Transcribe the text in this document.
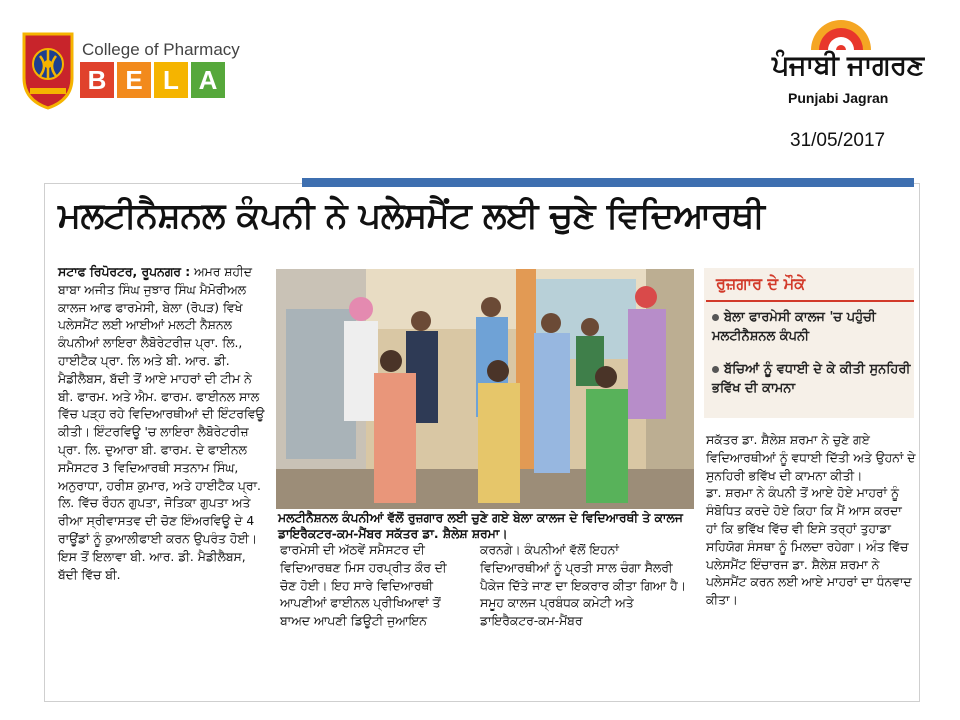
College of Pharmacy
B E L A	ਪੰਜਾਬੀ ਜਾਗਰਣ
Punjabi Jagran
31/05/2017
ਮਲਟੀਨੈਸ਼ਨਲ ਕੰਪਨੀ ਨੇ ਪਲੇਸਮੈਂਟ ਲਈ ਚੁਣੇ ਵਿਦਿਆਰਥੀ
ਸਟਾਫ ਰਿਪੋਰਟਰ, ਰੂਪਨਗਰ : ਅਮਰ ਸ਼ਹੀਦ ਬਾਬਾ ਅਜੀਤ ਸਿੰਘ ਜੁਝਾਰ ਸਿੰਘ ਮੈਮੋਰੀਅਲ ਕਾਲਜ ਆਫ ਫਾਰਮੇਸੀ, ਬੇਲਾ (ਰੋਪੜ) ਵਿਖੇ ਪਲੇਸਮੈਂਟ ਲਈ ਆਈਆਂ ਮਲਟੀ ਨੈਸ਼ਨਲ ਕੰਪਨੀਆਂ ਲਾਇਰਾ ਲੈਬੋਰੇਟਰੀਜ਼ ਪ੍ਰਾ. ਲਿ., ਹਾਈਟੈਕ ਪ੍ਰਾ. ਲਿ ਅਤੇ ਬੀ. ਆਰ. ਡੀ. ਮੈਡੀਲੈਬਸ, ਬੱਦੀ ਤੋਂ ਆਏ ਮਾਹਰਾਂ ਦੀ ਟੀਮ ਨੇ ਬੀ. ਫਾਰਮ. ਅਤੇ ਐਮ. ਫਾਰਮ. ਫਾਈਨਲ ਸਾਲ ਵਿੱਚ ਪੜ੍ਹ ਰਹੇ ਵਿਦਿਆਰਥੀਆਂ ਦੀ ਇੰਟਰਵਿਊ ਕੀਤੀ। ਇੰਟਰਵਿਊ 'ਚ ਲਾਇਰਾ ਲੈਬੋਰੇਟਰੀਜ਼ ਪ੍ਰਾ. ਲਿ. ਦੁਆਰਾ ਬੀ. ਫਾਰਮ. ਦੇ ਫਾਈਨਲ ਸਮੈਸਟਰ 3 ਵਿਦਿਆਰਥੀ ਸਤਨਾਮ ਸਿੰਘ, ਅਨੁਰਾਧਾ, ਹਰੀਸ਼ ਕੁਮਾਰ, ਅਤੇ ਹਾਈਟੈਕ ਪ੍ਰਾ. ਲਿ. ਵਿੱਚ ਰੌਹਨ ਗੁਪਤਾ, ਜੋਤਿਕਾ ਗੁਪਤਾ ਅਤੇ ਰੀਆ ਸ੍ਰੀਵਾਸਤਵ ਦੀ ਚੋਣ ਇੰਅਰਵਿਊ ਦੇ 4 ਰਾਊਂਡਾਂ ਨੂੰ ਕੁਆਲੀਫਾਈ ਕਰਨ ਉਪਰੰਤ ਹੋਈ। ਇਸ ਤੋਂ ਇਲਾਵਾ ਬੀ. ਆਰ. ਡੀ. ਮੈਡੀਲੈਬਸ, ਬੱਦੀ ਵਿੱਚ ਬੀ.
ਮਲਟੀਨੈਸ਼ਨਲ ਕੰਪਨੀਆਂ ਵੱਲੋਂ ਰੁਜ਼ਗਾਰ ਲਈ ਚੁਣੇ ਗਏ ਬੇਲਾ ਕਾਲਜ ਦੇ ਵਿਦਿਆਰਥੀ ਤੇ ਕਾਲਜ ਡਾਇਰੈਕਟਰ-ਕਮ-ਮੈਂਬਰ ਸਕੱਤਰ ਡਾ. ਸ਼ੈਲੇਸ਼ ਸ਼ਰਮਾ।
ਫਾਰਮੇਸੀ ਦੀ ਅੱਠਵੇਂ ਸਮੈਸਟਰ ਦੀ ਵਿਦਿਆਰਥਣ ਮਿਸ ਹਰਪ੍ਰੀਤ ਕੌਰ ਦੀ ਚੋਣ ਹੋਈ। ਇਹ ਸਾਰੇ ਵਿਦਿਆਰਥੀ ਆਪਣੀਆਂ ਫਾਈਨਲ ਪ੍ਰੀਖਿਆਵਾਂ ਤੋਂ ਬਾਅਦ ਆਪਣੀ ਡਿਊਟੀ ਜੁਆਇਨ
ਕਰਨਗੇ। ਕੰਪਨੀਆਂ ਵੱਲੋਂ ਇਹਨਾਂ ਵਿਦਿਆਰਥੀਆਂ ਨੂੰ ਪ੍ਰਤੀ ਸਾਲ ਚੰਗਾ ਸੈਲਰੀ ਪੈਕੇਜ ਦਿੱਤੇ ਜਾਣ ਦਾ ਇਕਰਾਰ ਕੀਤਾ ਗਿਆ ਹੈ। ਸਮੂਹ ਕਾਲਜ ਪ੍ਰਬੰਧਕ ਕਮੇਟੀ ਅਤੇ ਡਾਇਰੈਕਟਰ-ਕਮ-ਮੈਂਬਰ
ਰੁਜ਼ਗਾਰ ਦੇ ਮੌਕੇ
ਬੇਲਾ ਫਾਰਮੇਸੀ ਕਾਲਜ 'ਚ ਪਹੁੰਚੀ ਮਲਟੀਨੈਸ਼ਨਲ ਕੰਪਨੀ
ਬੱਚਿਆਂ ਨੂੰ ਵਧਾਈ ਦੇ ਕੇ ਕੀਤੀ ਸੁਨਹਿਰੀ ਭਵਿੱਖ ਦੀ ਕਾਮਨਾ
ਸਕੱਤਰ ਡਾ. ਸ਼ੈਲੇਸ਼ ਸ਼ਰਮਾ ਨੇ ਚੁਣੇ ਗਏ ਵਿਦਿਆਰਥੀਆਂ ਨੂੰ ਵਧਾਈ ਦਿੱਤੀ ਅਤੇ ਉਹਨਾਂ ਦੇ ਸੁਨਹਿਰੀ ਭਵਿੱਖ ਦੀ ਕਾਮਨਾ ਕੀਤੀ।
ਡਾ. ਸ਼ਰਮਾ ਨੇ ਕੰਪਨੀ ਤੋਂ ਆਏ ਹੋਏ ਮਾਹਰਾਂ ਨੂੰ ਸੰਬੋਧਿਤ ਕਰਦੇ ਹੋਏ ਕਿਹਾ ਕਿ ਮੈਂ ਆਸ ਕਰਦਾ ਹਾਂ ਕਿ ਭਵਿੱਖ ਵਿੱਚ ਵੀ ਇਸੇ ਤਰ੍ਹਾਂ ਤੁਹਾਡਾ ਸਹਿਯੋਗ ਸੰਸਥਾ ਨੂੰ ਮਿਲਦਾ ਰਹੇਗਾ। ਅੰਤ ਵਿੱਚ ਪਲੇਸਮੈਂਟ ਇੰਚਾਰਜ ਡਾ. ਸ਼ੈਲੇਸ਼ ਸ਼ਰਮਾ ਨੇ ਪਲੇਸਮੈਂਟ ਕਰਨ ਲਈ ਆਏ ਮਾਹਰਾਂ ਦਾ ਧੰਨਵਾਦ ਕੀਤਾ।
